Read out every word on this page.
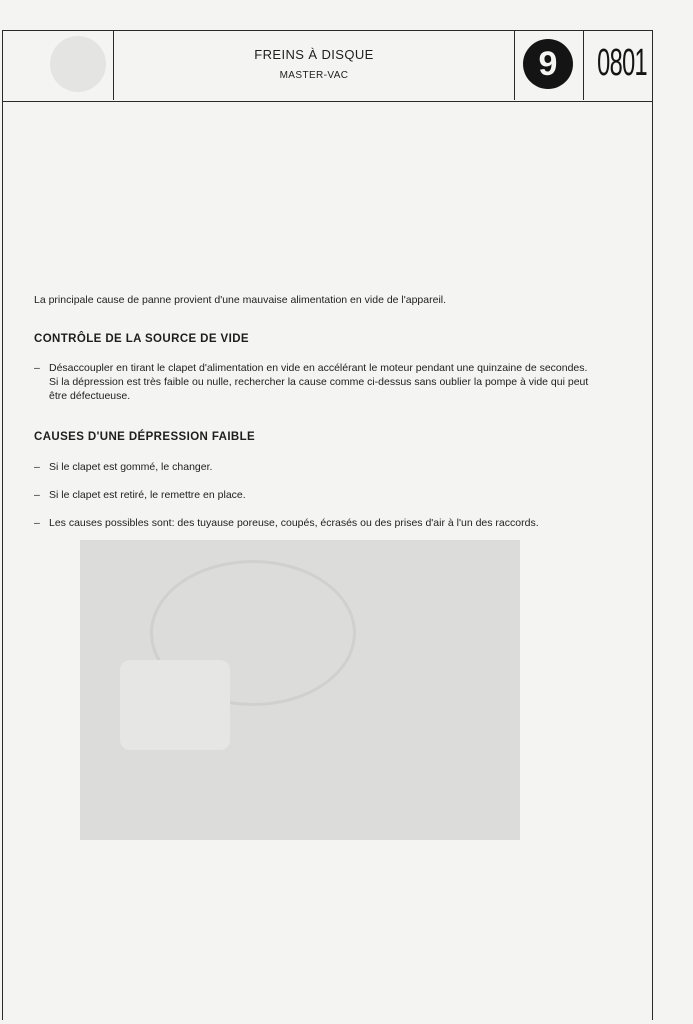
FREINS À DISQUE
MASTER-VAC	9	0801
La principale cause de panne provient d'une mauvaise alimentation en vide de l'appareil.
CONTRÔLE DE LA SOURCE DE VIDE
– Désaccoupler en tirant le clapet d'alimentation en vide en accélérant le moteur pendant une quinzaine de secondes.
Si la dépression est très faible ou nulle, rechercher la cause comme ci-dessus sans oublier la pompe à vide qui peut
être défectueuse.
CAUSES D'UNE DÉPRESSION FAIBLE
– Si le clapet est gommé, le changer.
– Si le clapet est retiré, le remettre en place.
– Les causes possibles sont: des tuyause poreuse, coupés, écrasés ou des prises d'air à l'un des raccords.
